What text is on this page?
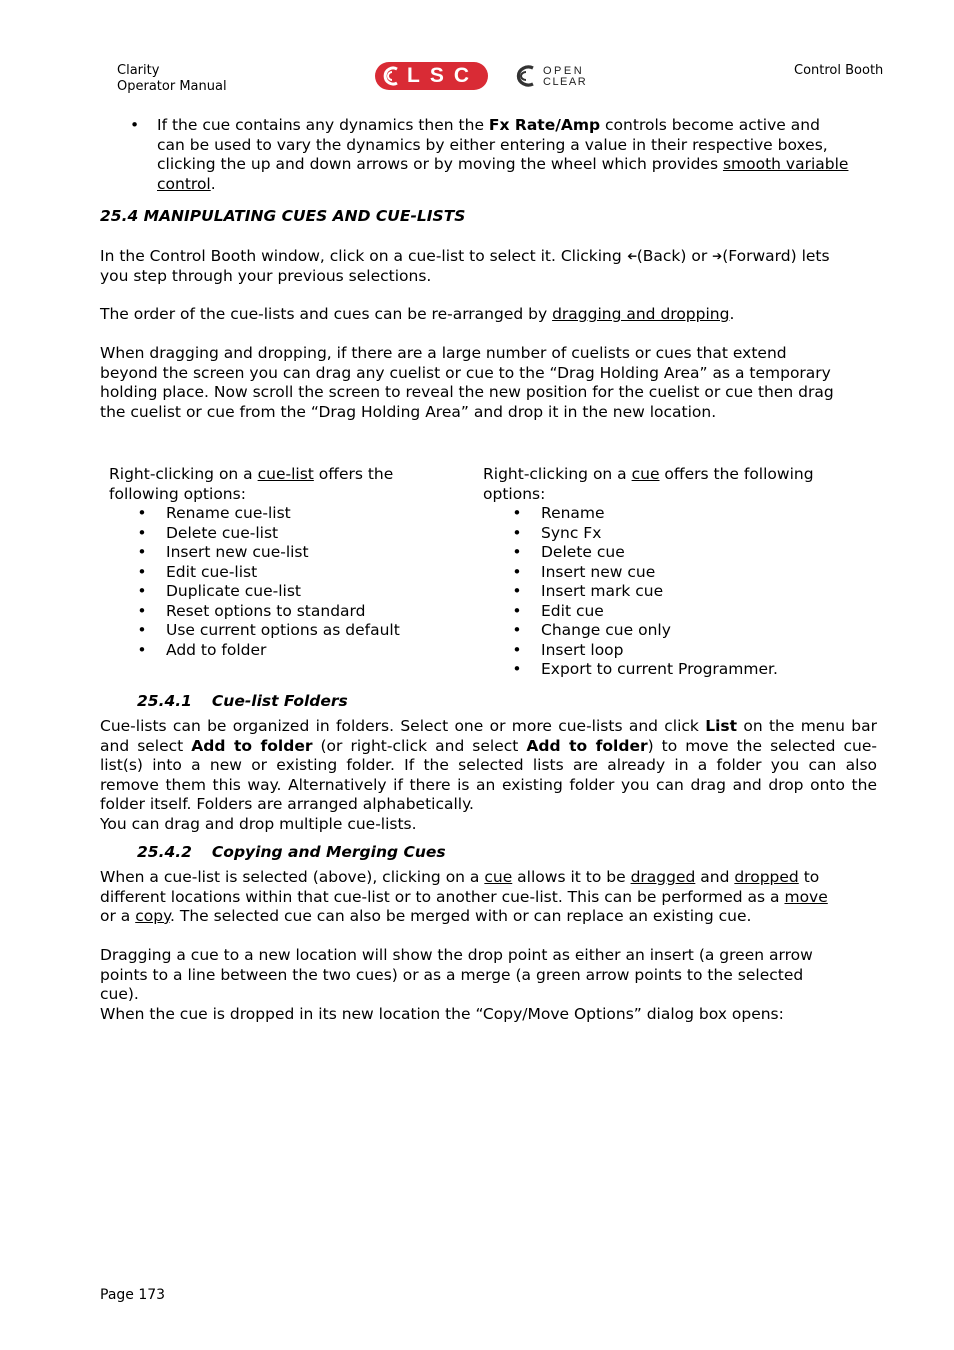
Clarity
Operator Manual	LSC	OPEN
CLEAR
Control Booth
• If the cue contains any dynamics then the Fx Rate/Amp controls become active and
can be used to vary the dynamics by either entering a value in their respective boxes,
clicking the up and down arrows or by moving the wheel which provides smooth variable
control.
25.4 MANIPULATING CUES AND CUE-LISTS
In the Control Booth window, click on a cue-list to select it. Clicking ➔(Back) or ➔(Forward) lets
you step through your previous selections.
The order of the cue-lists and cues can be re-arranged by dragging and dropping.
When dragging and dropping, if there are a large number of cuelists or cues that extend
beyond the screen you can drag any cuelist or cue to the “Drag Holding Area” as a temporary
holding place. Now scroll the screen to reveal the new position for the cuelist or cue then drag
the cuelist or cue from the “Drag Holding Area” and drop it in the new location.
Right-clicking on a cue-list offers the
following options:
• Rename cue-list
• Delete cue-list
• Insert new cue-list
• Edit cue-list
• Duplicate cue-list
• Reset options to standard
• Use current options as default
• Add to folder
Right-clicking on a cue offers the following
options:
• Rename
• Sync Fx
• Delete cue
• Insert new cue
• Insert mark cue
• Edit cue
• Change cue only
• Insert loop
• Export to current Programmer.
25.4.1 Cue-list Folders
Cue-lists can be organized in folders. Select one or more cue-lists and click List on the menu bar
and select Add to folder (or right-click and select Add to folder) to move the selected cue-
list(s) into a new or existing folder. If the selected lists are already in a folder you can also
remove them this way. Alternatively if there is an existing folder you can drag and drop onto the
folder itself. Folders are arranged alphabetically.
You can drag and drop multiple cue-lists.
25.4.2 Copying and Merging Cues
When a cue-list is selected (above), clicking on a cue allows it to be dragged and dropped to
different locations within that cue-list or to another cue-list. This can be performed as a move
or a copy. The selected cue can also be merged with or can replace an existing cue.
Dragging a cue to a new location will show the drop point as either an insert (a green arrow
points to a line between the two cues) or as a merge (a green arrow points to the selected
cue).
When the cue is dropped in its new location the “Copy/Move Options” dialog box opens:
Page 173
